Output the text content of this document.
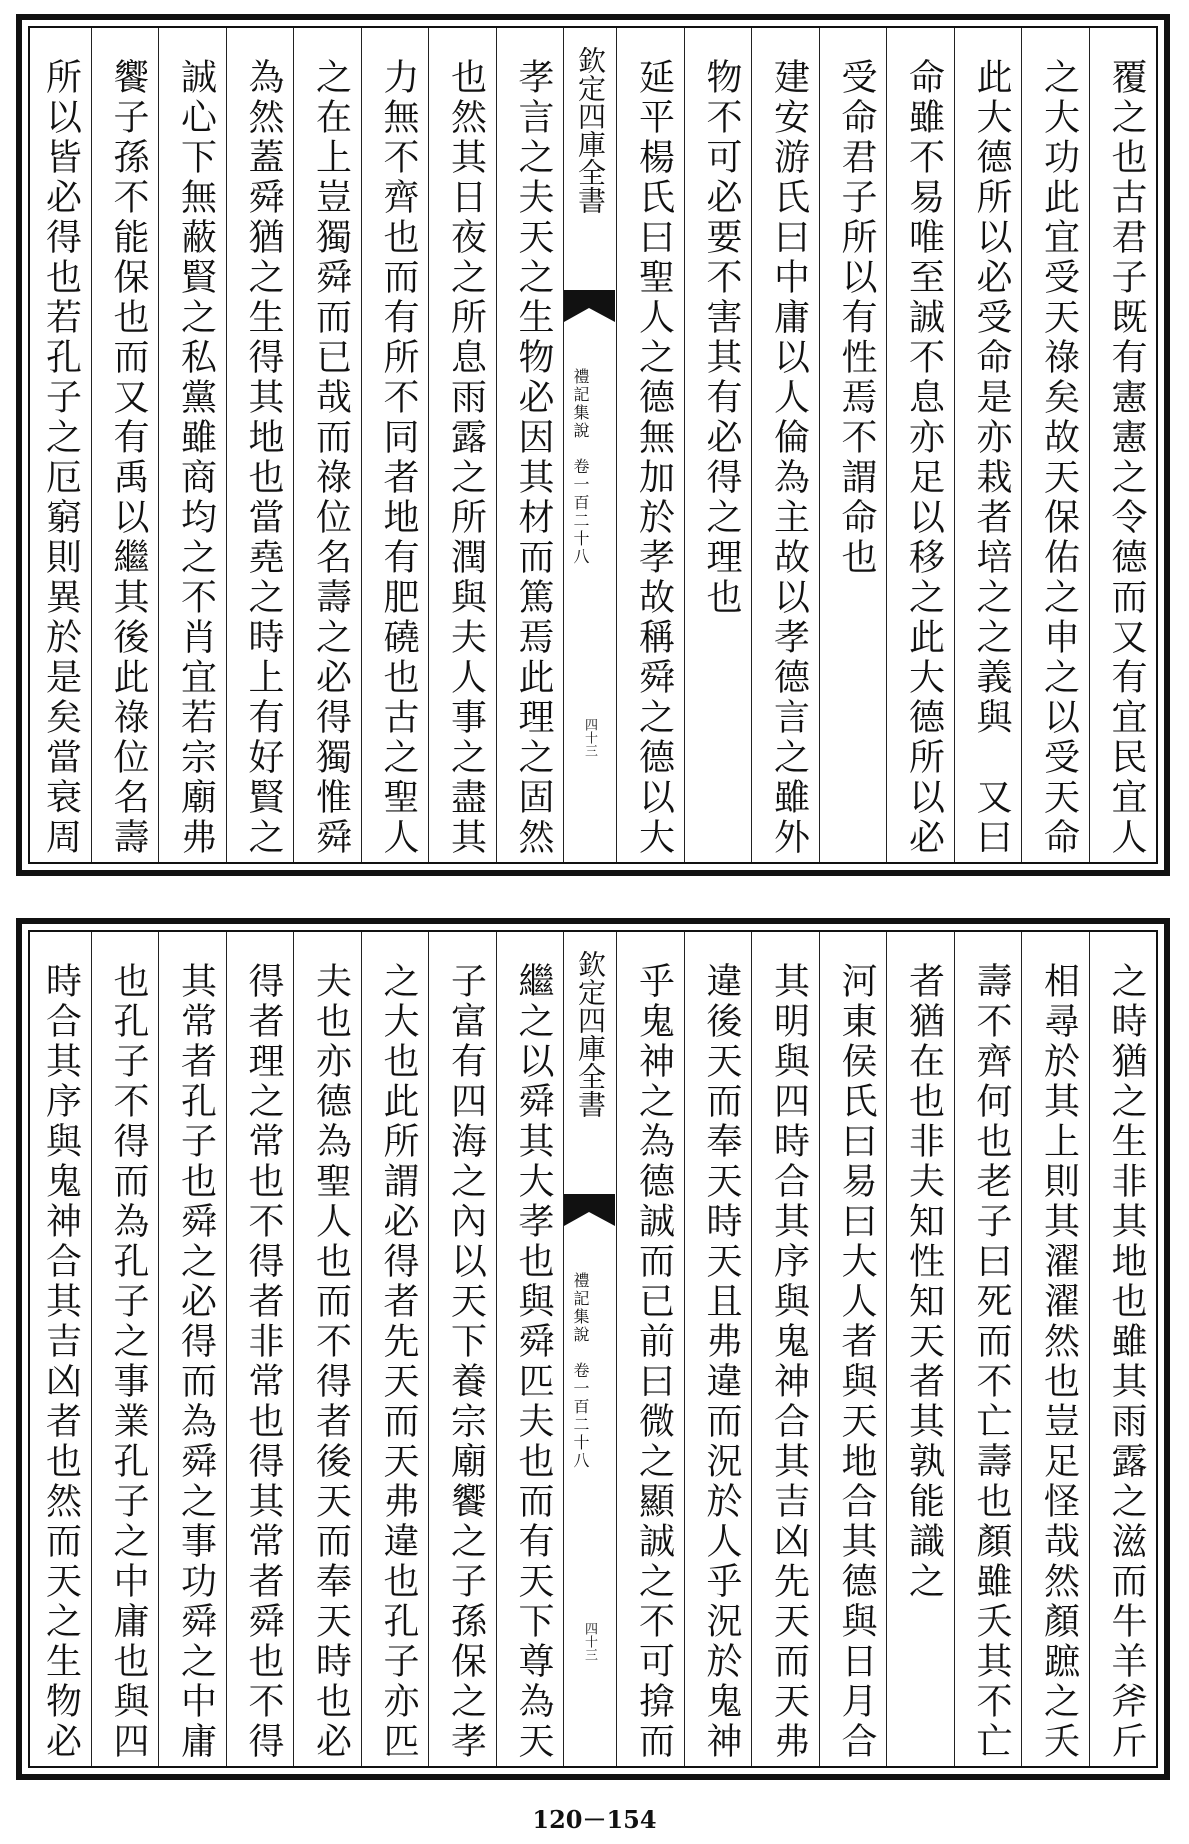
覆之也古君子既有憲憲之令德而又有宜民宜人
之大功此宜受天祿矣故天保佑之申之以受天命
此大德所以必受命是亦栽者培之之義與　又曰
命雖不易唯至誠不息亦足以移之此大德所以必
受命君子所以有性焉不謂命也
建安游氏曰中庸以人倫為主故以孝德言之雖外
物不可必要不害其有必得之理也
延平楊氏曰聖人之德無加於孝故稱舜之德以大
欽定四庫全書
禮記集說　卷一百二十八
四十三
孝言之夫天之生物必因其材而篤焉此理之固然
也然其日夜之所息雨露之所潤與夫人事之盡其
力無不齊也而有所不同者地有肥磽也古之聖人
之在上豈獨舜而已哉而祿位名壽之必得獨惟舜
為然蓋舜猶之生得其地也當堯之時上有好賢之
誠心下無蔽賢之私黨雖商均之不肖宜若宗廟弗
饗子孫不能保也而又有禹以繼其後此祿位名壽
所以皆必得也若孔子之厄窮則異於是矣當衰周
之時猶之生非其地也雖其雨露之滋而牛羊斧斤
相尋於其上則其濯濯然也豈足怪哉然顏蹠之夭
壽不齊何也老子曰死而不亡壽也顏雖夭其不亡
者猶在也非夫知性知天者其孰能識之
河東侯氏曰易曰大人者與天地合其德與日月合
其明與四時合其序與鬼神合其吉凶先天而天弗
違後天而奉天時天且弗違而況於人乎況於鬼神
乎鬼神之為德誠而已前曰微之顯誠之不可揜而
欽定四庫全書
禮記集說　卷一百二十八
四十三
繼之以舜其大孝也與舜匹夫也而有天下尊為天
子富有四海之內以天下養宗廟饗之子孫保之孝
之大也此所謂必得者先天而天弗違也孔子亦匹
夫也亦德為聖人也而不得者後天而奉天時也必
得者理之常也不得者非常也得其常者舜也不得
其常者孔子也舜之必得而為舜之事功舜之中庸
也孔子不得而為孔子之事業孔子之中庸也與四
時合其序與鬼神合其吉凶者也然而天之生物必
120－154
